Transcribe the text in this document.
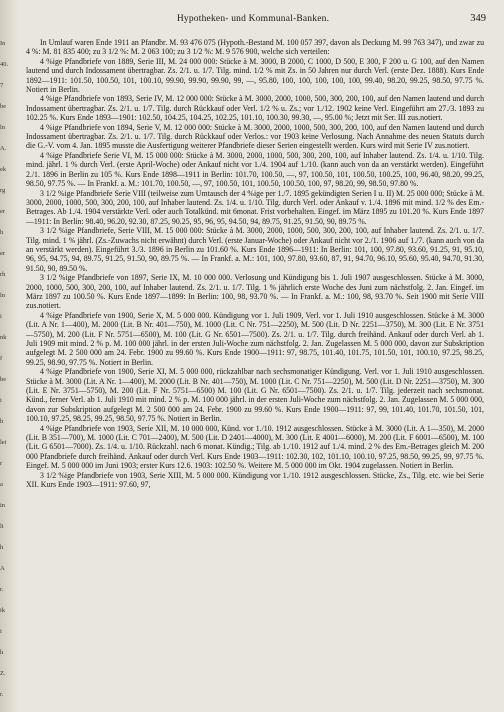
In
40.
7
be
ln
A.
ek
rg
er
h
er
rh
ln
i
nk
f
be
i
h
lei
r
a
in
lt
h
A
r.
ik
i
h
Z.
r.
Hypotheken- und Kommunal-Banken.	349

In Umlauf waren Ende 1911 an Pfandbr. M. 93 476 075 (Hypoth.-Bestand M. 100 057 397, davon als Deckung M. 99 763 347), und zwar zu 4 %: M. 81 835 400; zu 3 1/2 %: M. 2 063 100; zu 3 1/2 %: M. 9 576 900, welche sich verteilen:

4 %ige Pfandbriefe von 1889, Serie III, M. 24 000 000: Stücke à M. 3000, B 2000, C 1000, D 500, E 300, F 200 u. G 100, auf den Namen lautend und durch Indossament übertragbar. Zs. 2/1. u. 1/7. Tilg. mind. 1/2 % mit Zs. in 50 Jahren nur durch Verl. (erste Dez. 1888). Kurs Ende 1892—1911: 101.50, 100.50, 101, 100.10, 99.90, 99.90, 99.90, 99, —, 95.80, 100, 100, 100, 100, 100, 99.40, 98.20, 99.25, 98.50, 97.75 %. Notiert in Berlin.

4 %ige Pfandbriefe von 1893, Serie IV, M. 12 000 000: Stücke à M. 3000, 2000, 1000, 500, 300, 200, 100, auf den Namen lautend und durch Indossament übertragbar. Zs. 2/1. u. 1/7. Tilg. durch Rückkauf oder Verl. 1/2 % u. Zs.; vor 1./12. 1902 keine Verl. Eingeführt am 27./3. 1893 zu 102.25 %. Kurs Ende 1893—1901: 102.50, 104.25, 104.25, 102.25, 101.10, 100.30, 99.30, —, 95.00 %; Jetzt mit Ser. III zus.notiert.

4 %ige Pfandbriefe von 1894, Serie V, M. 12 000 000: Stücke à M. 3000, 2000, 1000, 500, 300, 200, 100, auf den Namen lautend und durch Indossament übertragbar. Zs. 2/1. u. 1/7. Tilg. durch Rückkauf oder Verlos.: vor 1903 keine Verlosung. Nach Annahme des neuen Statuts durch die G.-V. vom 4. Jan. 1895 musste die Ausfertigung weiterer Pfandbriefe dieser Serien eingestellt werden. Kurs wird mit Serie IV zus.notiert.

4 %ige Pfandbriefe Serie VI, M. 15 000 000: Stücke à M. 3000, 2000, 1000, 500, 300, 200, 100, auf Inhaber lautend. Zs. 1/4. u. 1/10. Tilg. mind. jährl. 1 % durch Verl. (erste April-Woche) oder Ankauf nicht vor 1./4. 1904 auf 1./10. (kann auch von da an verstärkt werden). Eingeführt 2./1. 1896 in Berlin zu 105 %. Kurs Ende 1898—1911 in Berlin: 101.70, 100.50, —, 97, 100.50, 101, 100.50, 100.25, 100, 96.40, 98.20, 99.25, 98.50, 97.75 %. — In Frankf. a. M.: 101.70, 100.50, —, 97, 100.50, 101, 100.50, 100.50, 100, 97, 98.20, 99, 98.50, 97.80 %.

3 1/2 %ige Pfandbriefe Serie VIII (teilweise zum Umtausch der 4 %ige per 1./7. 1895 gekündigten Serien I u. II) M. 25 000 000; Stücke à M. 3000, 2000, 1000, 500, 300, 200, 100, auf Inhaber lautend. Zs. 1/4. u. 1/10. Tilg. durch Verl. oder Ankauf v. 1./4. 1896 mit mind. 1/2 % des Em.-Betrages. Ab 1./4. 1904 verstärkte Verl. oder auch Totalkünd. mit 6monat. Frist vorbehalten. Eingef. im März 1895 zu 101.20 %. Kurs Ende 1897—1911: In Berlin: 98.40, 96.20, 92.30, 87.25, 90.25, 95, 96, 95, 94.50, 94, 89.75, 91.25, 91.50, 90, 89.75 %.

3 1/2 %ige Pfandbriefe, Serie VIII, M. 15 000 000: Stücke à M. 3000, 2000, 1000, 500, 300, 200, 100, auf Inhaber lautend. Zs. 2/1. u. 1/7. Tilg. mind. 1 % jährl. (Zs.-Zuwachs nicht erwähnt) durch Verl. (erste Januar-Woche) oder Ankauf nicht vor 2./1. 1906 auf 1./7. (kann auch von da an verstärkt werden). Eingeführt 3./3. 1896 in Berlin zu 101.60 %. Kurs Ende 1896—1911: In Berlin: 101, 100, 97.80, 93.60, 91.25, 91, 95.10, 96, 95, 94.75, 94, 89.75, 91.25, 91.50, 90, 89.75 %. — In Frankf. a. M.: 101, 100, 97.80, 93.60, 87, 91, 94.70, 96.10, 95.60, 95.40, 94.70, 91.30, 91.50, 90, 89.50 %.

3 1/2 %ige Pfandbriefe von 1897, Serie IX, M. 10 000 000. Verlosung und Kündigung bis 1. Juli 1907 ausgeschlossen. Stücke à M. 3000, 2000, 1000, 500, 300, 200, 100, auf Inhaber lautend. Zs. 2/1. u. 1/7. Tilg. 1 % jährlich erste Woche des Juni zum nächstfolg. 2. Jan. Eingef. im März 1897 zu 100.50 %. Kurs Ende 1897—1899: In Berlin: 100, 98, 93.70 %. — In Frankf. a. M.: 100, 98, 93.70 %. Seit 1900 mit Serie VIII zus.notiert.

4 %ige Pfandbriefe von 1900, Serie X, M. 5 000 000. Kündigung vor 1. Juli 1909, Verl. vor 1. Juli 1910 ausgeschlossen. Stücke à M. 3000 (Lit. A Nr. 1—400), M. 2000 (Lit. B Nr. 401—750), M. 1000 (Lit. C Nr. 751—2250), M. 500 (Lit. D Nr. 2251—3750), M. 300 (Lit. E Nr. 3751—5750), M. 200 (Lit. F Nr. 5751—6500), M. 100 (Lit. G Nr. 6501—7500). Zs. 2/1. u. 1/7. Tilg. durch freihänd. Ankauf oder durch Verl. ab 1. Juli 1909 mit mind. 2 % p. M. 100 000 jährl. in der ersten Juli-Woche zum nächstfolg. 2. Jan. Zugelassen M. 5 000 000, davon zur Subskription aufgelegt M. 2 500 000 am 24. Febr. 1900 zu 99.60 %. Kurs Ende 1900—1911: 97, 98.75, 101.40, 101.75, 101.50, 101, 100.10, 97.25, 98.25, 99.25, 98.90, 97.75 %. Notiert in Berlin.

4 %ige Pfandbriefe von 1900, Serie XI, M. 5 000 000, rückzahlbar nach sechsmonatiger Kündigung. Verl. vor 1. Juli 1910 ausgeschlossen. Stücke à M. 3000 (Lit. A Nr. 1—400), M. 2000 (Lit. B Nr. 401—750), M. 1000 (Lit. C Nr. 751—2250), M. 500 (Lit. D Nr. 2251—3750), M. 300 (Lit. E Nr. 3751—5750), M. 200 (Lit. F Nr. 5751—6500) M. 100 (Lit. G Nr. 6501—7500). Zs. 2/1. u. 1/7. Tilg. jederzeit nach sechsmonat. Künd., ferner Verl. ab 1. Juli 1910 mit mind. 2 % p. M. 100 000 jährl. in der ersten Juli-Woche zum nächstfolg. 2. Jan. Zugelassen M. 5 000 000, davon zur Subskription aufgelegt M. 2 500 000 am 24. Febr. 1900 zu 99.60 %. Kurs Ende 1900—1911: 97, 99, 101.40, 101.70, 101.50, 101, 100.10, 97.25, 98.25, 99.25, 98.50, 97.75 %. Notiert in Berlin.

4 %ige Pfandbriefe von 1903, Serie XII, M. 10 000 000, Künd. vor 1./10. 1912 ausgeschlossen. Stücke à M. 3000 (Lit. A 1—350), M. 2000 (Lit. B 351—700), M. 1000 (Lit. C 701—2400), M. 500 (Lit. D 2401—4000), M. 300 (Lit. E 4001—6000), M. 200 (Lit. F 6001—6500), M. 100 (Lit. G 6501—7000). Zs. 1/4. u. 1/10. Rückzahl. nach 6 monat. Kündig.; Tilg. ab 1./10. 1912 auf 1./4. mind. 2 % des Em.-Betrages gleich M. 200 000 Pfandbriefe durch freihänd. Ankauf oder durch Verl. Kurs Ende 1903—1911: 102.30, 102, 101.10, 100.10, 97.25, 98.50, 99.25, 99, 97.75 %. Eingef. M. 5 000 000 im Juni 1903; erster Kurs 12.6. 1903: 102.50 %. Weitere M. 5 000 000 im Okt. 1904 zugelassen. Notiert in Berlin.

3 1/2 %ige Pfandbriefe von 1903, Serie XIII, M. 5 000 000. Kündigung vor 1./10. 1912 ausgeschlossen. Stücke, Zs., Tilg. etc. wie bei Serie XII. Kurs Ende 1903—1911: 97.60, 97,
